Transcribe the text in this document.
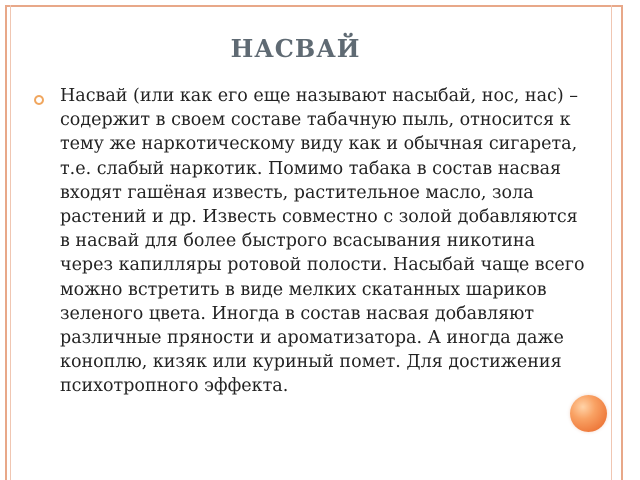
НАСВАЙ

Насвай (или как его еще называют насыбай, нос, нас) – содержит в своем составе табачную пыль, относится к тему же наркотическому виду как и обычная сигарета, т.е. слабый наркотик. Помимо табака в состав насвая входят гашёная известь, растительное масло, зола растений и др. Известь совместно с золой добавляются в насвай для более быстрого всасывания никотина через капилляры ротовой полости. Насыбай чаще всего можно встретить в виде мелких скатанных шариков зеленого цвета. Иногда в состав насвая добавляют различные пряности и ароматизатора. А иногда даже коноплю, кизяк или куриный помет. Для достижения психотропного эффекта.
